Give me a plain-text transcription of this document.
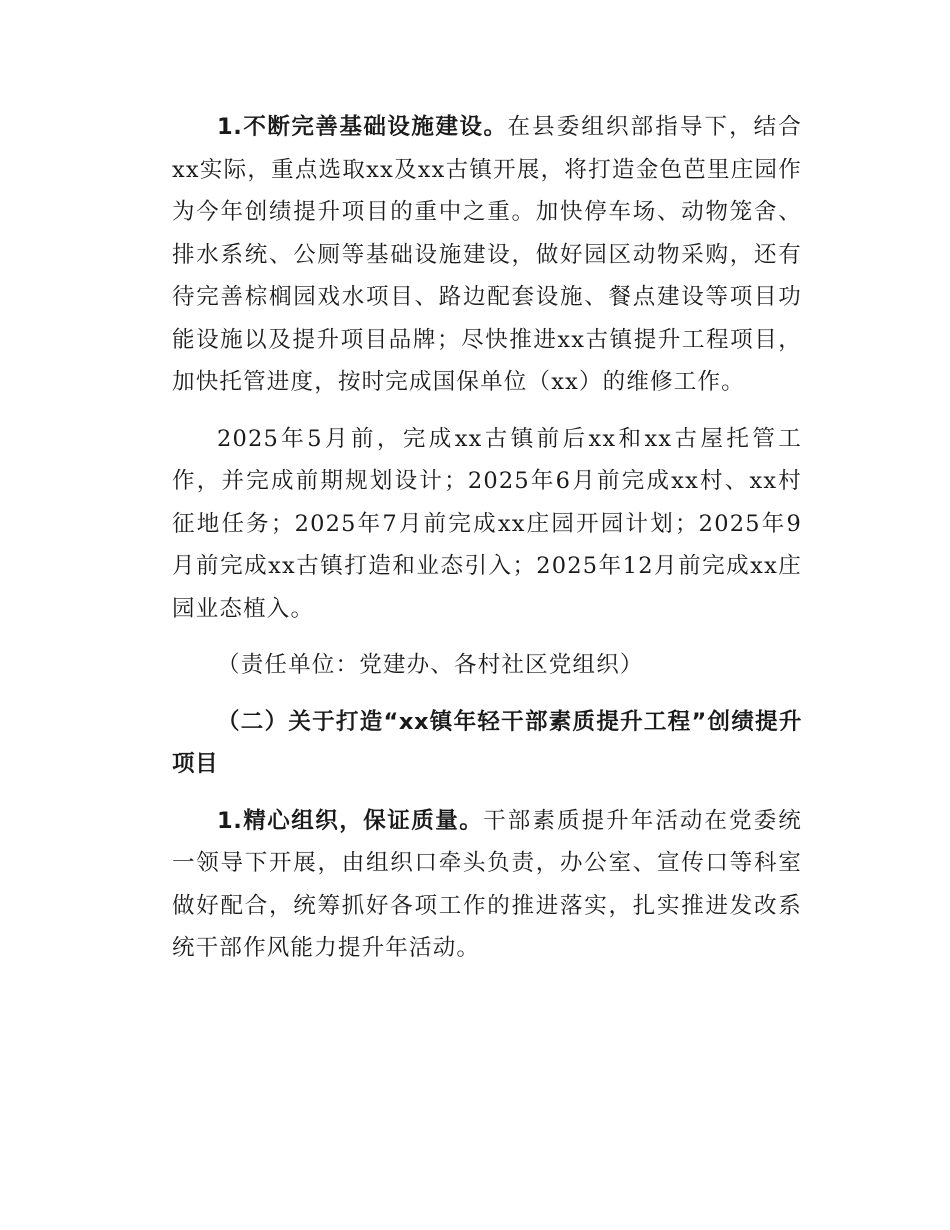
1.不断完善基础设施建设。在县委组织部指导下，结合xx实际，重点选取xx及xx古镇开展，将打造金色芭里庄园作为今年创绩提升项目的重中之重。加快停车场、动物笼舍、排水系统、公厕等基础设施建设，做好园区动物采购，还有待完善棕榈园戏水项目、路边配套设施、餐点建设等项目功能设施以及提升项目品牌；尽快推进xx古镇提升工程项目，加快托管进度，按时完成国保单位（xx）的维修工作。

2025年5月前，完成xx古镇前后xx和xx古屋托管工作，并完成前期规划设计；2025年6月前完成xx村、xx村征地任务；2025年7月前完成xx庄园开园计划；2025年9月前完成xx古镇打造和业态引入；2025年12月前完成xx庄园业态植入。

（责任单位：党建办、各村社区党组织）

（二）关于打造“xx镇年轻干部素质提升工程”创绩提升项目

1.精心组织，保证质量。干部素质提升年活动在党委统一领导下开展，由组织口牵头负责，办公室、宣传口等科室做好配合，统筹抓好各项工作的推进落实，扎实推进发改系统干部作风能力提升年活动。
